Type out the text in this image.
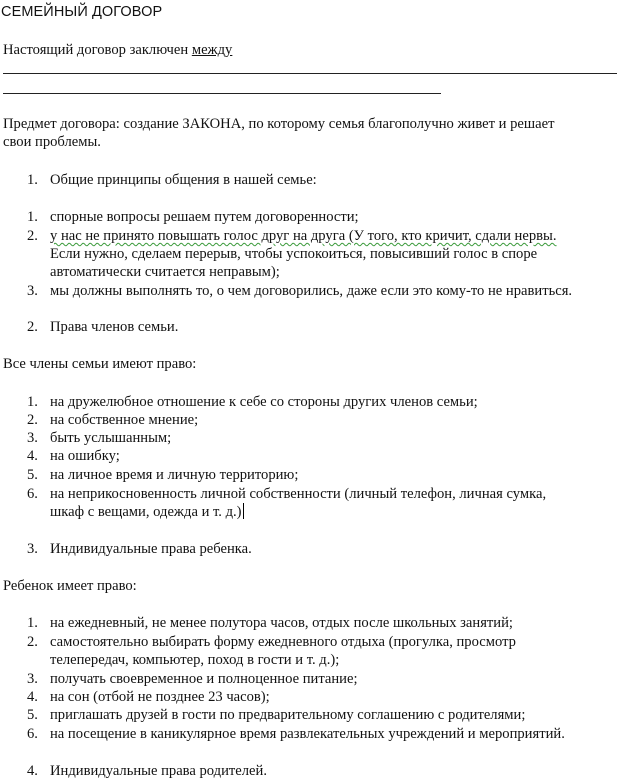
СЕМЕЙНЫЙ ДОГОВОР
Настоящий договор заключен между
Предмет договора: создание ЗАКОНА, по которому семья благополучно живет и решает
свои проблемы.
1. Общие принципы общения в нашей семье:
1. спорные вопросы решаем путем договоренности;
2. у нас не принято повышать голос друг на друга (У того, кто кричит, сдали нервы.
Если нужно, сделаем перерыв, чтобы успокоиться, повысивший голос в споре
автоматически считается неправым);
3. мы должны выполнять то, о чем договорились, даже если это кому-то не нравиться.
2. Права членов семьи.
Все члены семьи имеют право:
1. на дружелюбное отношение к себе со стороны других членов семьи;
2. на собственное мнение;
3. быть услышанным;
4. на ошибку;
5. на личное время и личную территорию;
6. на неприкосновенность личной собственности (личный телефон, личная сумка,
шкаф с вещами, одежда и т. д.)
3. Индивидуальные права ребенка.
Ребенок имеет право:
1. на ежедневный, не менее полутора часов, отдых после школьных занятий;
2. самостоятельно выбирать форму ежедневного отдыха (прогулка, просмотр
телепередач, компьютер, поход в гости и т. д.);
3. получать своевременное и полноценное питание;
4. на сон (отбой не позднее 23 часов);
5. приглашать друзей в гости по предварительному соглашению с родителями;
6. на посещение в каникулярное время развлекательных учреждений и мероприятий.
4. Индивидуальные права родителей.
